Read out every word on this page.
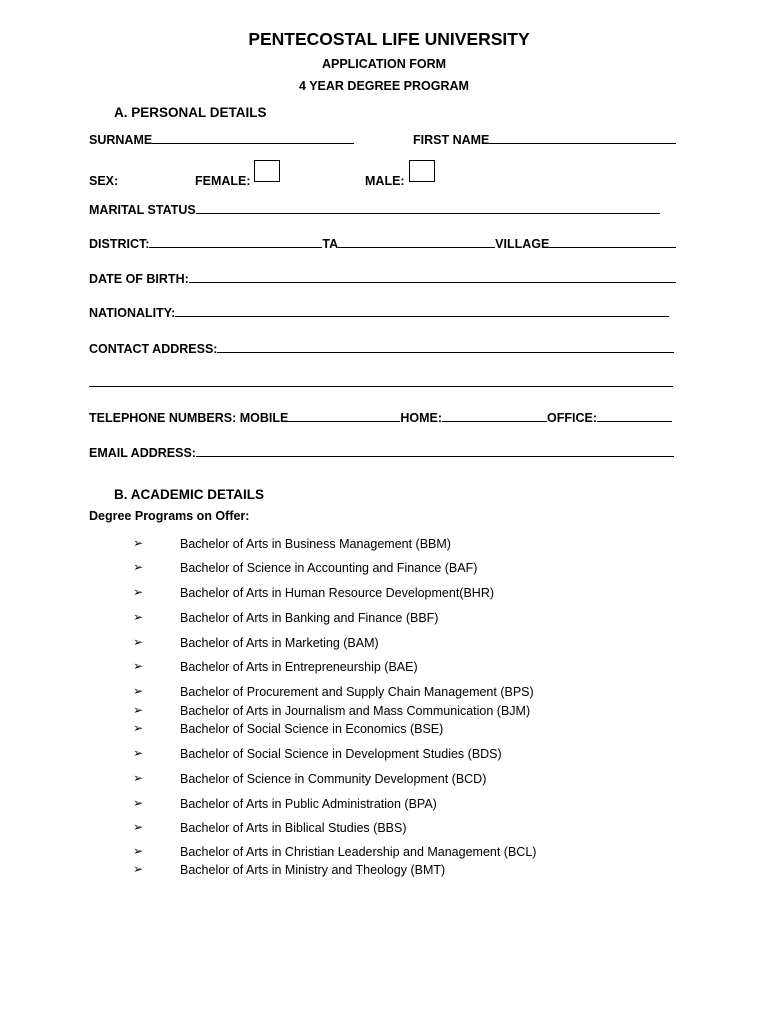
PENTECOSTAL LIFE UNIVERSITY
APPLICATION FORM
4 YEAR DEGREE PROGRAM
A. PERSONAL DETAILS
SURNAME	FIRST NAME
SEX:	FEMALE:	MALE:
MARITAL STATUS
DISTRICT:	TA	VILLAGE
DATE OF BIRTH:
NATIONALITY:
CONTACT ADDRESS:
TELEPHONE NUMBERS: MOBILE	HOME:	OFFICE:
EMAIL ADDRESS:
B. ACADEMIC DETAILS
Degree Programs on Offer:
➢	Bachelor of Arts in Business Management (BBM)
➢	Bachelor of Science in Accounting and Finance (BAF)
➢	Bachelor of Arts in Human Resource Development(BHR)
➢	Bachelor of Arts in Banking and Finance (BBF)
➢	Bachelor of Arts in Marketing (BAM)
➢	Bachelor of Arts in Entrepreneurship (BAE)
➢	Bachelor of Procurement and Supply Chain Management (BPS)
➢	Bachelor of Arts in Journalism and Mass Communication (BJM)
➢	Bachelor of Social Science in Economics (BSE)
➢	Bachelor of Social Science in Development Studies (BDS)
➢	Bachelor of Science in Community Development (BCD)
➢	Bachelor of Arts in Public Administration (BPA)
➢	Bachelor of Arts in Biblical Studies (BBS)
➢	Bachelor of Arts in Christian Leadership and Management (BCL)
➢	Bachelor of Arts in Ministry and Theology (BMT)
